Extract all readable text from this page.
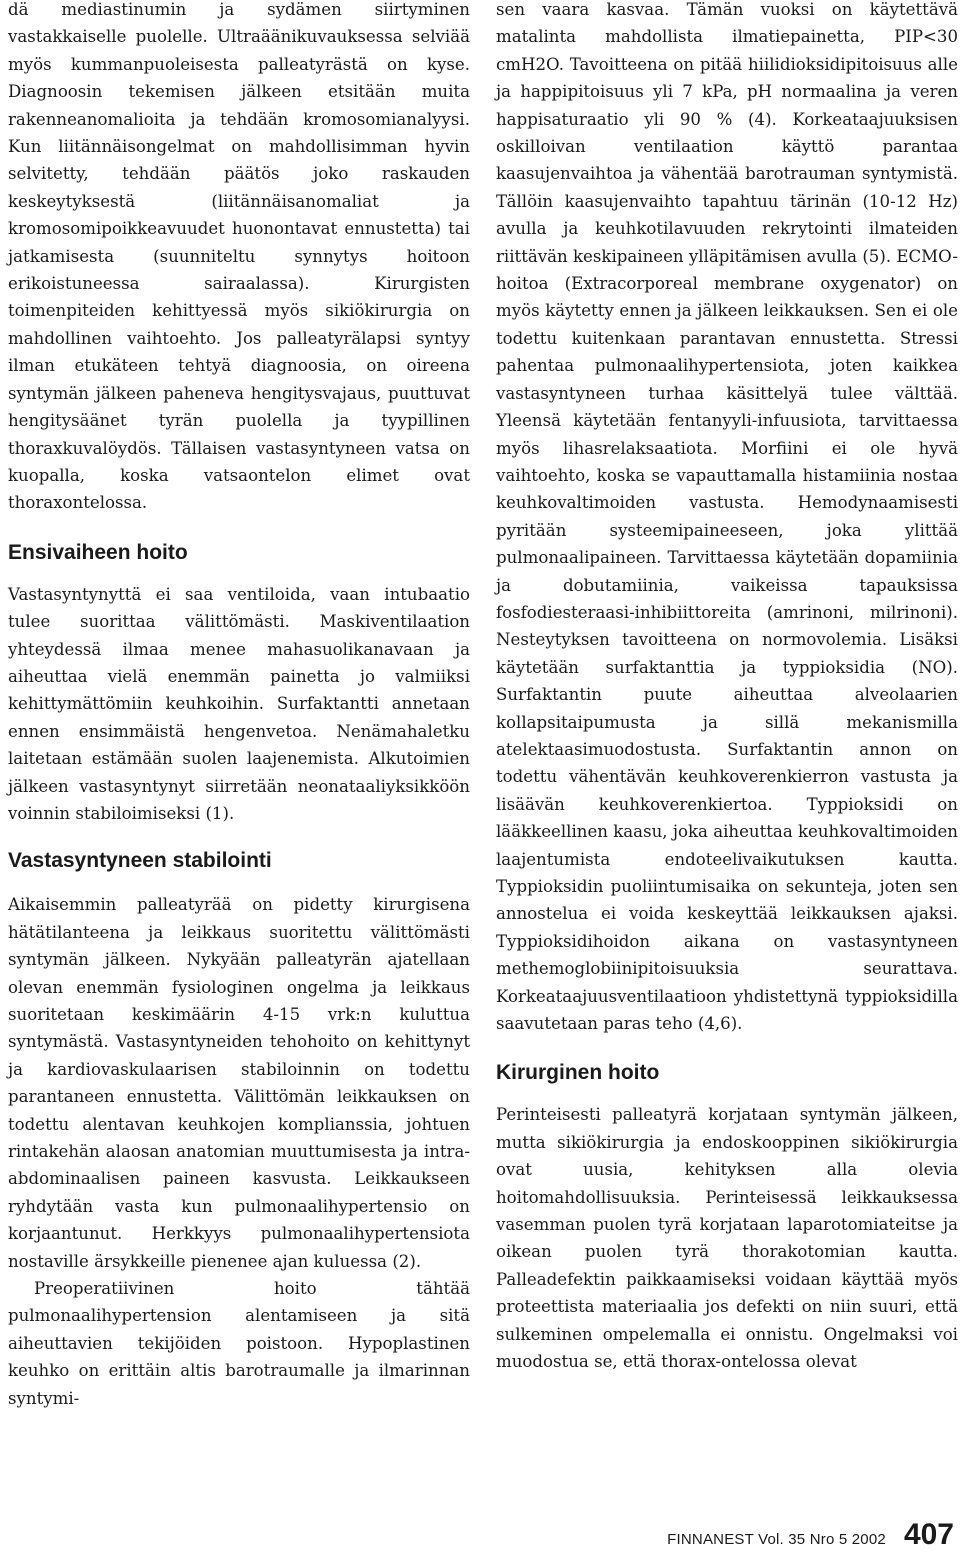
dä mediastinumin ja sydämen siirtyminen vastakkaiselle puolelle. Ultraäänikuvauksessa selviää myös kummanpuoleisesta palleatyrästä on kyse. Diagnoosin tekemisen jälkeen etsitään muita rakenneanomalioita ja tehdään kromosomianalyysi. Kun liitännäisongelmat on mahdollisimman hyvin selvitetty, tehdään päätös joko raskauden keskeytyksestä (liitännäisanomaliat ja kromosomipoikkeavuudet huonontavat ennustetta) tai jatkamisesta (suunniteltu synnytys hoitoon erikoistuneessa sairaalassa). Kirurgisten toimenpiteiden kehittyessä myös sikiökirurgia on mahdollinen vaihtoehto. Jos palleatyrälapsi syntyy ilman etukäteen tehtyä diagnoosia, on oireena syntymän jälkeen paheneva hengitysvajaus, puuttuvat hengitysäänet tyrän puolella ja tyypillinen thoraxkuvalöydös. Tällaisen vastasyntyneen vatsa on kuopalla, koska vatsaontelon elimet ovat thoraxontelossa.

Ensivaiheen hoito

Vastasyntynyttä ei saa ventiloida, vaan intubaatio tulee suorittaa välittömästi. Maskiventilaation yhteydessä ilmaa menee mahasuolikanavaan ja aiheuttaa vielä enemmän painetta jo valmiiksi kehittymättömiin keuhkoihin. Surfaktantti annetaan ennen ensimmäistä hengenvetoa. Nenämahaletku laitetaan estämään suolen laajenemista. Alkutoimien jälkeen vastasyntynyt siirretään neonataaliyksikköön voinnin stabiloimiseksi (1).

Vastasyntyneen stabilointi

Aikaisemmin palleatyrää on pidetty kirurgisena hätätilanteena ja leikkaus suoritettu välittömästi syntymän jälkeen. Nykyään palleatyrän ajatellaan olevan enemmän fysiologinen ongelma ja leikkaus suoritetaan keskimäärin 4-15 vrk:n kuluttua syntymästä. Vastasyntyneiden tehohoito on kehittynyt ja kardiovaskulaarisen stabiloinnin on todettu parantaneen ennustetta. Välittömän leikkauksen on todettu alentavan keuhkojen komplianssia, johtuen rintakehän alaosan anatomian muuttumisesta ja intra-abdominaalisen paineen kasvusta. Leikkaukseen ryhdytään vasta kun pulmonaalihypertensio on korjaantunut. Herkkyys pulmonaalihypertensiota nostaville ärsykkeille pienenee ajan kuluessa (2).

Preoperatiivinen hoito tähtää pulmonaalihypertension alentamiseen ja sitä aiheuttavien tekijöiden poistoon. Hypoplastinen keuhko on erittäin altis barotraumalle ja ilmarinnan syntymi-

sen vaara kasvaa. Tämän vuoksi on käytettävä matalinta mahdollista ilmatiepainetta, PIP<30 cmH2O. Tavoitteena on pitää hiilidioksidipitoisuus alle ja happipitoisuus yli 7 kPa, pH normaalina ja veren happisaturaatio yli 90 % (4). Korkeataajuuksisen oskilloivan ventilaation käyttö parantaa kaasujenvaihtoa ja vähentää barotrauman syntymistä. Tällöin kaasujenvaihto tapahtuu tärinän (10-12 Hz) avulla ja keuhkotilavuuden rekrytointi ilmateiden riittävän keskipaineen ylläpitämisen avulla (5). ECMO-hoitoa (Extracorporeal membrane oxygenator) on myös käytetty ennen ja jälkeen leikkauksen. Sen ei ole todettu kuitenkaan parantavan ennustetta. Stressi pahentaa pulmonaalihypertensiota, joten kaikkea vastasyntyneen turhaa käsittelyä tulee välttää. Yleensä käytetään fentanyyli-infuusiota, tarvittaessa myös lihasrelaksaatiota. Morfiini ei ole hyvä vaihtoehto, koska se vapauttamalla histamiinia nostaa keuhkovaltimoiden vastusta. Hemodynaamisesti pyritään systeemipaineeseen, joka ylittää pulmonaalipaineen. Tarvittaessa käytetään dopamiinia ja dobutamiinia, vaikeissa tapauksissa fosfodiesteraasi-inhibiittoreita (amrinoni, milrinoni). Nesteytyksen tavoitteena on normovolemia. Lisäksi käytetään surfaktanttia ja typpioksidia (NO). Surfaktantin puute aiheuttaa alveolaarien kollapsitaipumusta ja sillä mekanismilla atelektaasimuodostusta. Surfaktantin annon on todettu vähentävän keuhkoverenkierron vastusta ja lisäävän keuhkoverenkiertoa. Typpioksidi on lääkkeellinen kaasu, joka aiheuttaa keuhkovaltimoiden laajentumista endoteelivaikutuksen kautta. Typpioksidin puoliintumisaika on sekunteja, joten sen annostelua ei voida keskeyttää leikkauksen ajaksi. Typpioksidihoidon aikana on vastasyntyneen methemoglobiinipitoisuuksia seurattava. Korkeataajuusventilaatioon yhdistettynä typpioksidilla saavutetaan paras teho (4,6).

Kirurginen hoito

Perinteisesti palleatyrä korjataan syntymän jälkeen, mutta sikiökirurgia ja endoskooppinen sikiökirurgia ovat uusia, kehityksen alla olevia hoitomahdollisuuksia. Perinteisessä leikkauksessa vasemman puolen tyrä korjataan laparotomiateitse ja oikean puolen tyrä thorakotomian kautta. Palleadefektin paikkaamiseksi voidaan käyttää myös proteettista materiaalia jos defekti on niin suuri, että sulkeminen ompelemalla ei onnistu. Ongelmaksi voi muodostua se, että thorax-ontelossa olevat

FINNANEST Vol. 35 Nro 5 2002 407
